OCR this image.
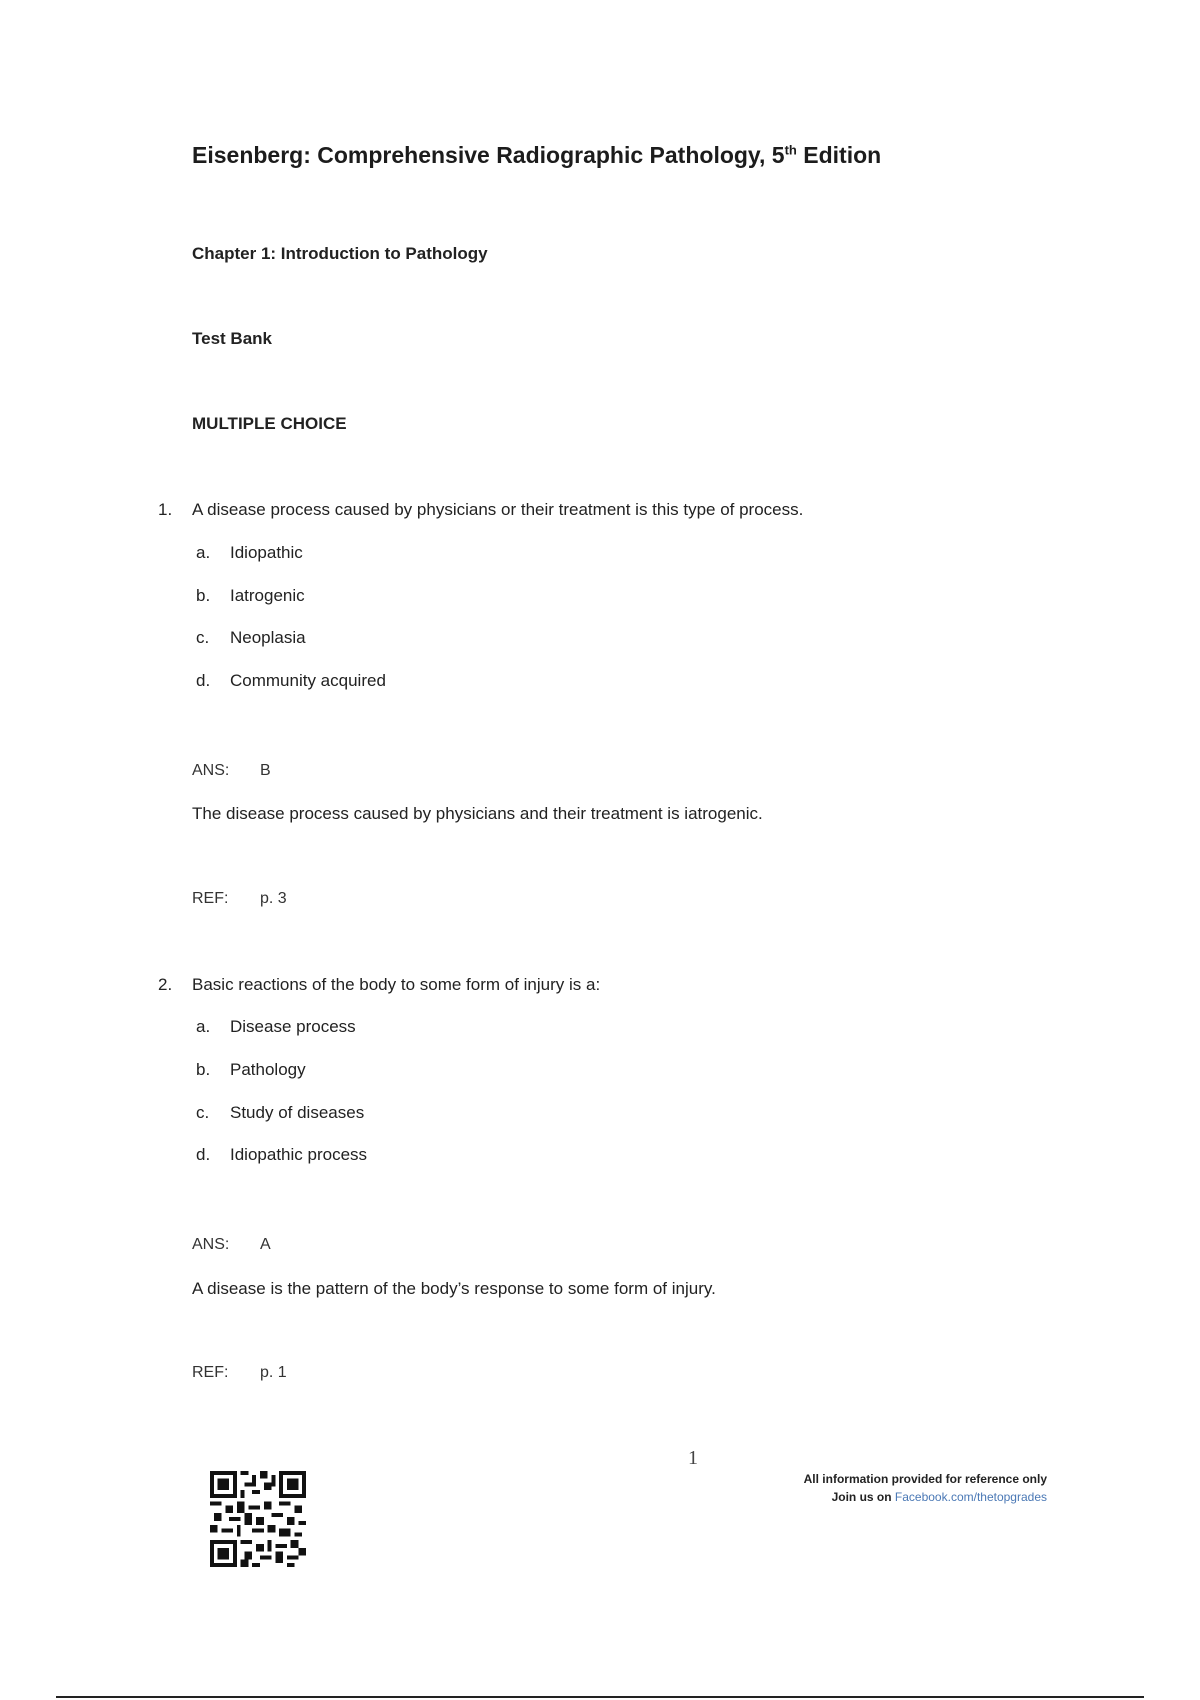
Eisenberg: Comprehensive Radiographic Pathology, 5th Edition
Chapter 1: Introduction to Pathology
Test Bank
MULTIPLE CHOICE
1. A disease process caused by physicians or their treatment is this type of process.
a. Idiopathic
b. Iatrogenic
c. Neoplasia
d. Community acquired
ANS: B
The disease process caused by physicians and their treatment is iatrogenic.
REF: p. 3
2. Basic reactions of the body to some form of injury is a:
a. Disease process
b. Pathology
c. Study of diseases
d. Idiopathic process
ANS: A
A disease is the pattern of the body’s response to some form of injury.
REF: p. 1
1
All information provided for reference only
Join us on Facebook.com/thetopgrades
